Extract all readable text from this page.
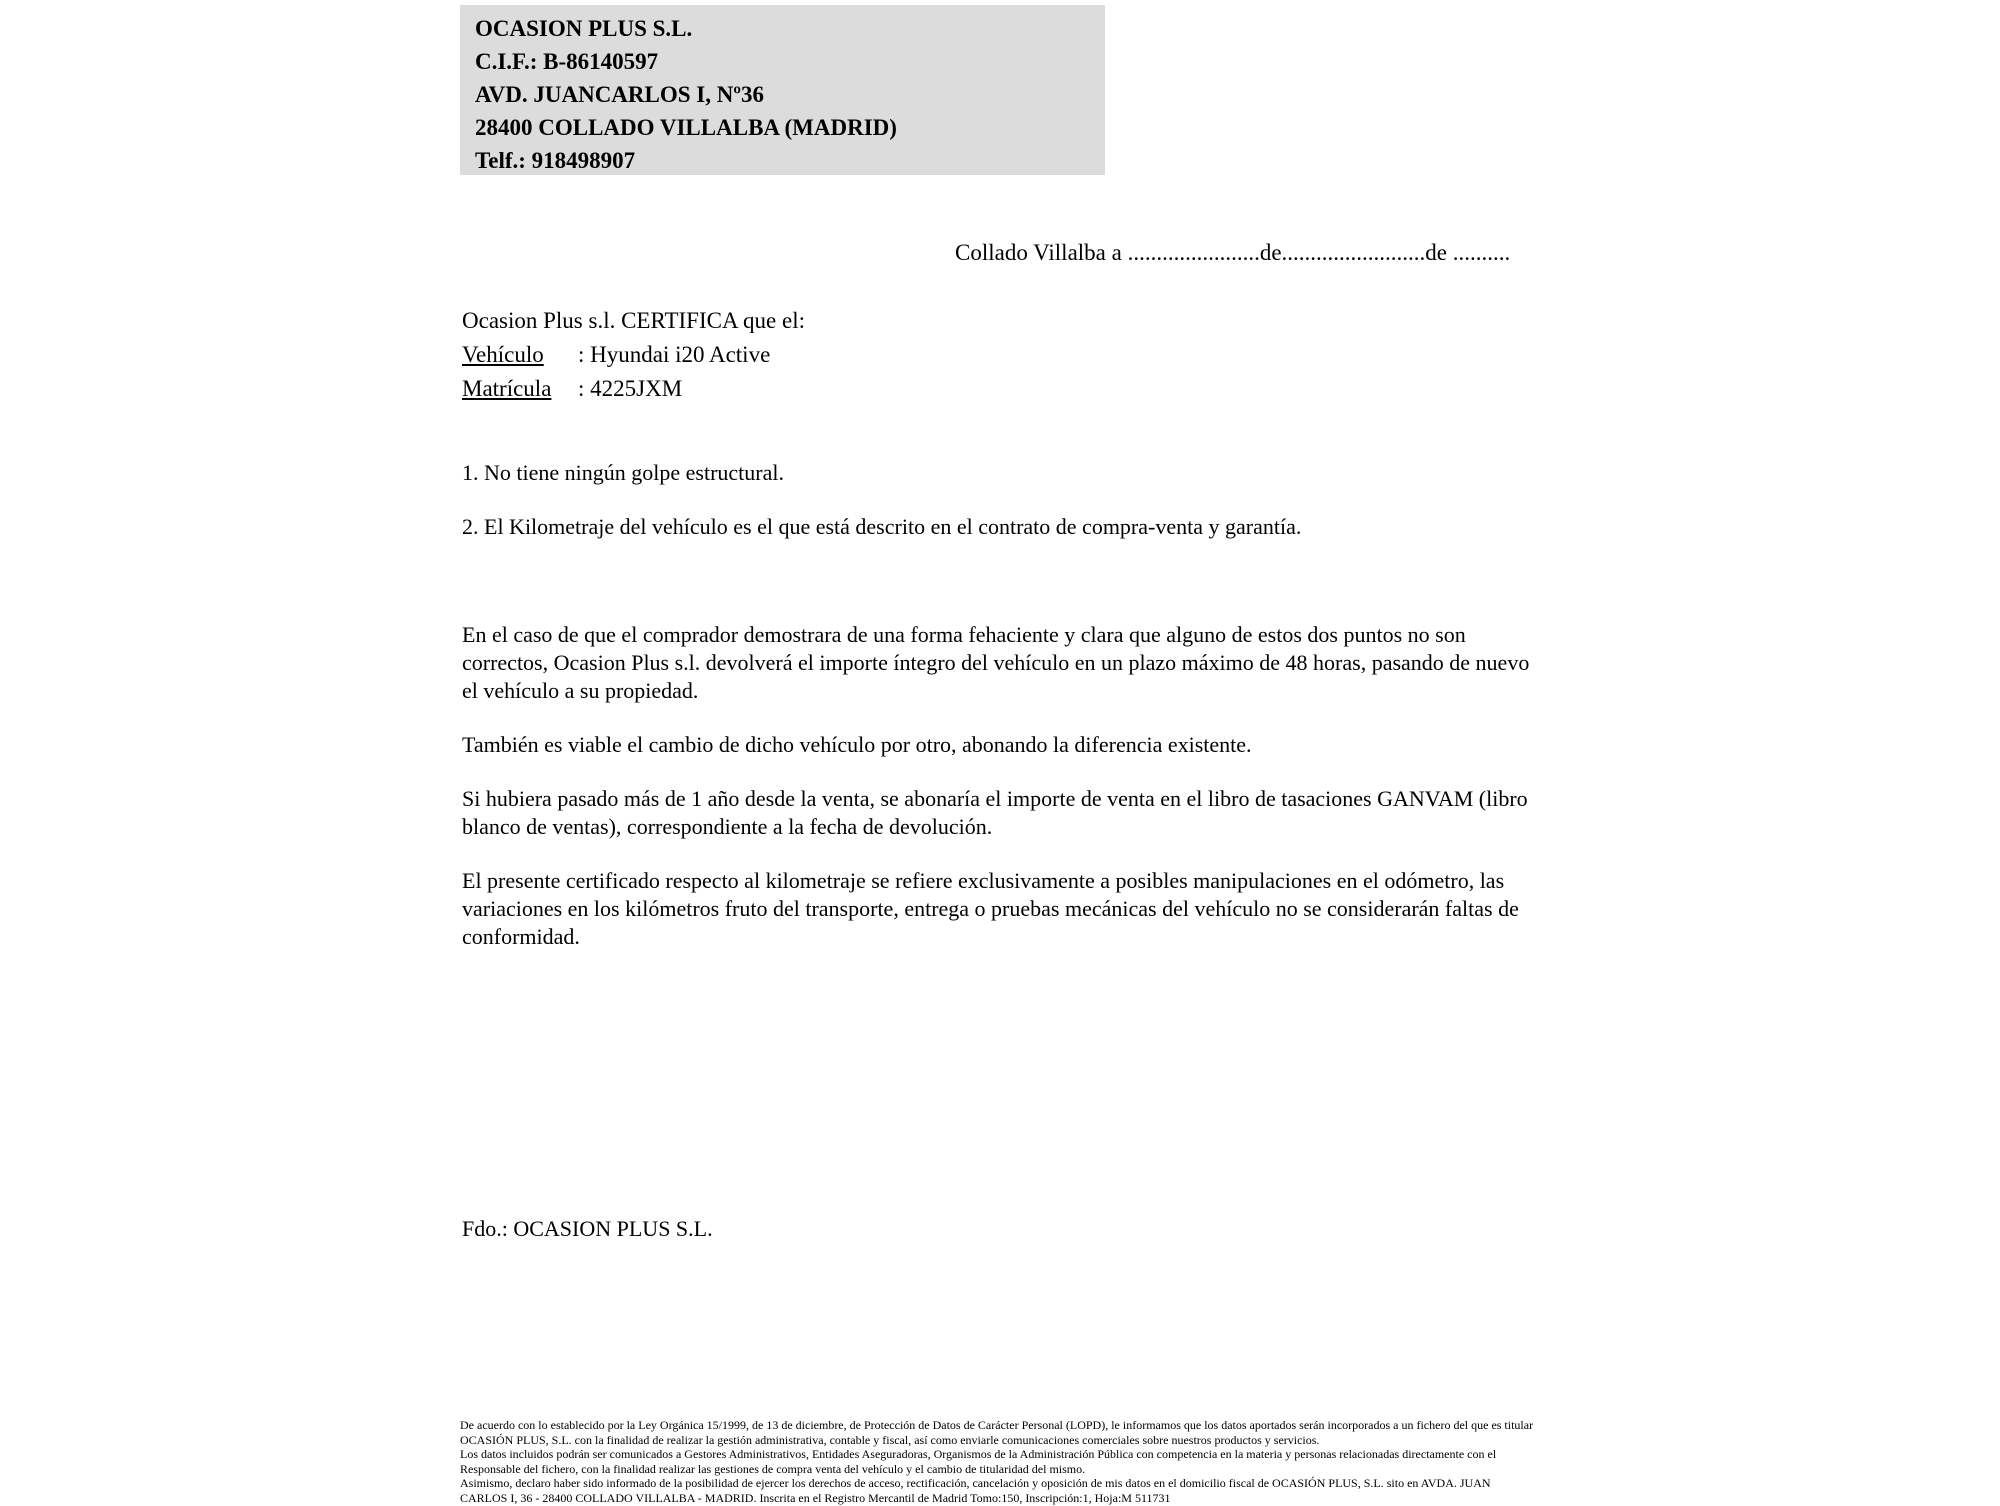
OCASION PLUS S.L.
C.I.F.: B-86140597
AVD. JUANCARLOS I, Nº36
28400 COLLADO VILLALBA (MADRID)
Telf.: 918498907
Collado Villalba a .......................de.........................de ..........
Ocasion Plus s.l. CERTIFICA que el:
Vehículo : Hyundai i20 Active
Matrícula : 4225JXM
1. No tiene ningún golpe estructural.
2. El Kilometraje del vehículo es el que está descrito en el contrato de compra-venta y garantía.

En el caso de que el comprador demostrara de una forma fehaciente y clara que alguno de estos dos puntos no son correctos, Ocasion Plus s.l. devolverá el importe íntegro del vehículo en un plazo máximo de 48 horas, pasando de nuevo el vehículo a su propiedad.

También es viable el cambio de dicho vehículo por otro, abonando la diferencia existente.

Si hubiera pasado más de 1 año desde la venta, se abonaría el importe de venta en el libro de tasaciones GANVAM (libro blanco de ventas), correspondiente a la fecha de devolución.

El presente certificado respecto al kilometraje se refiere exclusivamente a posibles manipulaciones en el odómetro, las variaciones en los kilómetros fruto del transporte, entrega o pruebas mecánicas del vehículo no se considerarán faltas de conformidad.

Fdo.: OCASION PLUS S.L.
De acuerdo con lo establecido por la Ley Orgánica 15/1999, de 13 de diciembre, de Protección de Datos de Carácter Personal (LOPD), le informamos que los datos aportados serán incorporados a un fichero del que es titular
OCASIÓN PLUS, S.L. con la finalidad de realizar la gestión administrativa, contable y fiscal, así como enviarle comunicaciones comerciales sobre nuestros productos y servicios.
Los datos incluidos podrán ser comunicados a Gestores Administrativos, Entidades Aseguradoras, Organismos de la Administración Pública con competencia en la materia y personas relacionadas directamente con el
Responsable del fichero, con la finalidad realizar las gestiones de compra venta del vehículo y el cambio de titularidad del mismo.
Asimismo, declaro haber sido informado de la posibilidad de ejercer los derechos de acceso, rectificación, cancelación y oposición de mis datos en el domicilio fiscal de OCASIÓN PLUS, S.L. sito en AVDA. JUAN
CARLOS I, 36 - 28400 COLLADO VILLALBA - MADRID. Inscrita en el Registro Mercantil de Madrid Tomo:150, Inscripción:1, Hoja:M 511731
